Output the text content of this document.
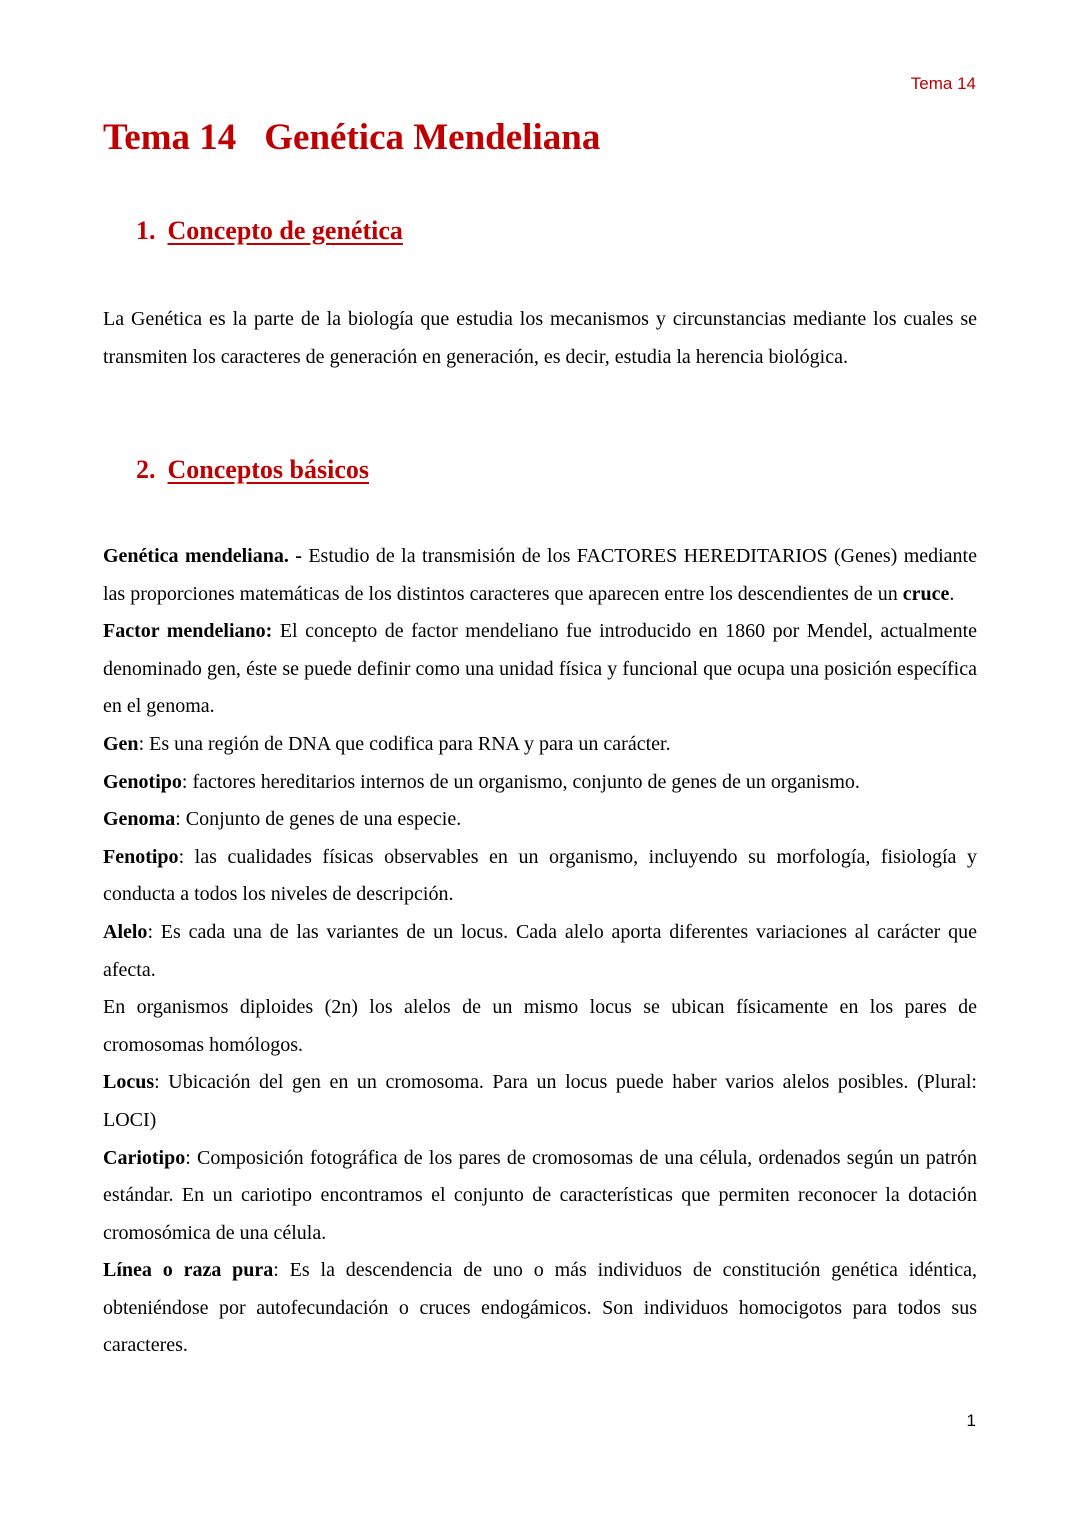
Tema 14
Tema 14 Genética Mendeliana
1. Concepto de genética

La Genética es la parte de la biología que estudia los mecanismos y circunstancias mediante los cuales se transmiten los caracteres de generación en generación, es decir, estudia la herencia biológica.

2. Conceptos básicos

Genética mendeliana. - Estudio de la transmisión de los FACTORES HEREDITARIOS (Genes) mediante las proporciones matemáticas de los distintos caracteres que aparecen entre los descendientes de un cruce.

Factor mendeliano: El concepto de factor mendeliano fue introducido en 1860 por Mendel, actualmente denominado gen, éste se puede definir como una unidad física y funcional que ocupa una posición específica en el genoma.

Gen: Es una región de DNA que codifica para RNA y para un carácter.

Genotipo: factores hereditarios internos de un organismo, conjunto de genes de un organismo.

Genoma: Conjunto de genes de una especie.

Fenotipo: las cualidades físicas observables en un organismo, incluyendo su morfología, fisiología y conducta a todos los niveles de descripción.

Alelo: Es cada una de las variantes de un locus. Cada alelo aporta diferentes variaciones al carácter que afecta.

En organismos diploides (2n) los alelos de un mismo locus se ubican físicamente en los pares de cromosomas homólogos.

Locus: Ubicación del gen en un cromosoma. Para un locus puede haber varios alelos posibles. (Plural: LOCI)

Cariotipo: Composición fotográfica de los pares de cromosomas de una célula, ordenados según un patrón estándar. En un cariotipo encontramos el conjunto de características que permiten reconocer la dotación cromosómica de una célula.

Línea o raza pura: Es la descendencia de uno o más individuos de constitución genética idéntica, obteniéndose por autofecundación o cruces endogámicos. Son individuos homocigotos para todos sus caracteres.

1
